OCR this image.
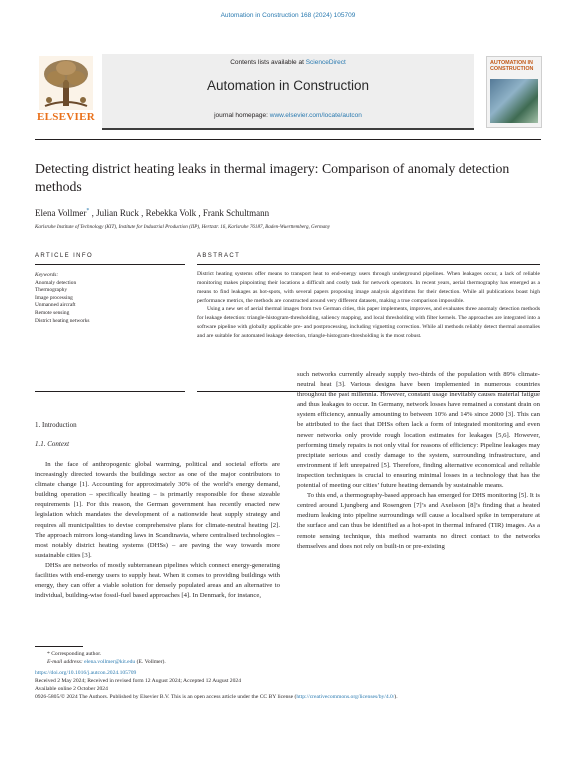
Automation in Construction 168 (2024) 105709
ELSEVIER
Contents lists available at ScienceDirect
Automation in Construction
journal homepage: www.elsevier.com/locate/autcon
AUTOMATION IN CONSTRUCTION
Detecting district heating leaks in thermal imagery: Comparison of anomaly detection methods
Elena Vollmer* , Julian Ruck , Rebekka Volk , Frank Schultmann
Karlsruhe Institute of Technology (KIT), Institute for Industrial Production (IIP), Hertzstr. 16, Karlsruhe 76187, Baden-Wuerttemberg, Germany
ARTICLE INFO	ABSTRACT
Keywords:
Anomaly detection
Thermography
Image processing
Unmanned aircraft
Remote sensing
District heating networks

District heating systems offer means to transport heat to end-energy users through underground pipelines. When leakages occur, a lack of reliable monitoring makes pinpointing their locations a difficult and costly task for network operators. In recent years, aerial thermography has emerged as a means to find leakages as hot-spots, with several papers proposing image analysis algorithms for their detection. While all publications boast high performance metrics, the methods are constructed around very different datasets, making a true comparison impossible.

Using a new set of aerial thermal images from two German cities, this paper implements, improves, and evaluates three anomaly detection methods for leakage detection: triangle-histogram-thresholding, saliency mapping, and local thresholding with filter kernels. The approaches are integrated into a software pipeline with globally applicable pre- and postprocessing, including vignetting correction. While all methods reliably detect thermal anomalies and are suitable for automated leakage detection, triangle-histogram-thresholding is the most robust.

1. Introduction
1.1. Context

In the face of anthropogenic global warming, political and societal efforts are increasingly directed towards the buildings sector as one of the major contributors to climate change [1]. Accounting for approximately 30% of the world’s energy demand, building operation – specifically heating – is primarily responsible for these sizeable requirements [1]. For this reason, the German government has recently enacted new legislation which mandates the development of a nationwide heat supply strategy and requires all municipalities to devise comprehensive plans for climate-neutral heating [2]. The approach mirrors long-standing laws in Scandinavia, where centralised technologies – most notably district heating systems (DHSs) – are paving the way towards more sustainable cities [3].

DHSs are networks of mostly subterranean pipelines which connect energy-generating facilities with end-energy users to supply heat. When it comes to providing buildings with energy, they can offer a viable solution for densely populated areas and an alternative to individual, building-wise fossil-fuel based approaches [4]. In Denmark, for instance,

such networks currently already supply two-thirds of the population with 89% climate-neutral heat [3]. Various designs have been implemented in numerous countries throughout the past millennia. However, constant usage inevitably causes material fatigue and thus leakages to occur. In Germany, network losses have remained a constant drain on system efficiency, annually amounting to between 10% and 14% since 2000 [3]. This can be attributed to the fact that DHSs often lack a form of integrated monitoring and even newer networks only provide rough location estimates for leakages [5,6]. However, performing timely repairs is not only vital for reasons of efficiency: Pipeline leakages may precipitate serious and costly damage to the system, surrounding infrastructure, and environment if left unrepaired [5]. Therefore, finding alternative economical and reliable inspection techniques is crucial to ensuring minimal losses in a technology that has the potential of meeting our cities’ future heating demands by sustainable means.

To this end, a thermography-based approach has emerged for DHS monitoring [5]. It is centred around Ljungberg and Rosengren [7]’s and Axelsson [8]’s finding that a heated medium leaking into pipeline surroundings will cause a localised spike in temperature at the surface and can thus be identified as a hot-spot in thermal infrared (TIR) images. As a remote sensing technique, this method warrants no direct contact to the networks themselves and does not rely on built-in or pre-existing

* Corresponding author.
E-mail address: elena.vollmer@kit.edu (E. Vollmer).
https://doi.org/10.1016/j.autcon.2024.105709
Received 2 May 2024; Received in revised form 12 August 2024; Accepted 12 August 2024
Available online 2 October 2024
0926-5805/© 2024 The Authors. Published by Elsevier B.V. This is an open access article under the CC BY license (http://creativecommons.org/licenses/by/4.0/).
